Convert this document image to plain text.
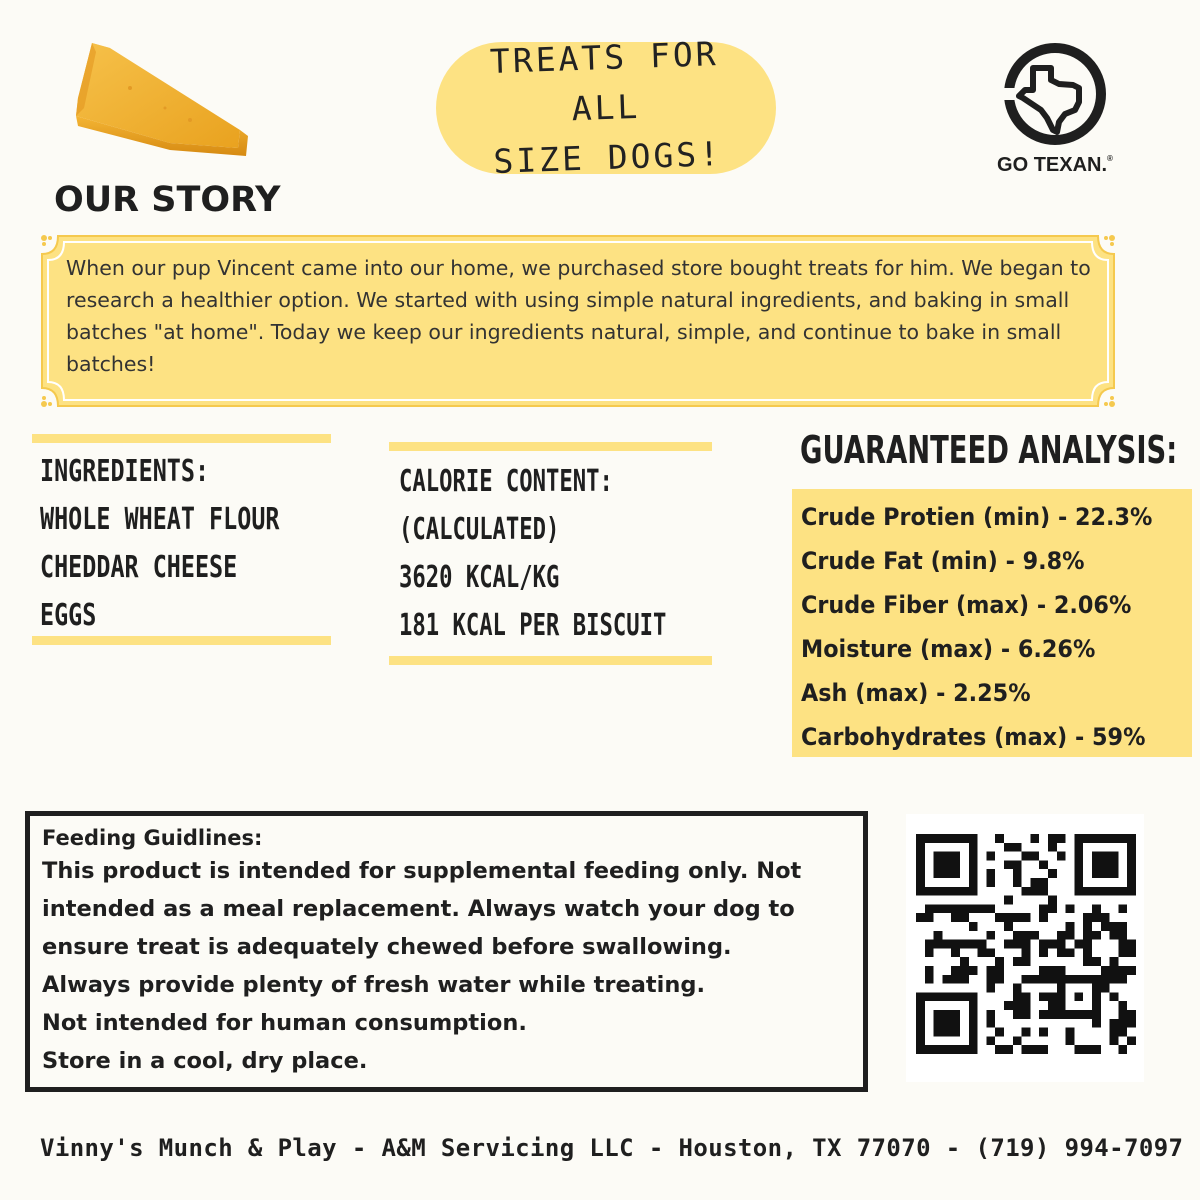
TREATS FOR ALL
SIZE DOGS!	GO TEXAN.®
OUR STORY
When our pup Vincent came into our home, we purchased store bought treats for him. We began to research a healthier option. We started with using simple natural ingredients, and baking in small batches "at home". Today we keep our ingredients natural, simple, and continue to bake in small batches!
INGREDIENTS:
WHOLE WHEAT FLOUR
CHEDDAR CHEESE
EGGS
CALORIE CONTENT:
(CALCULATED)
3620 KCAL/KG
181 KCAL PER BISCUIT
GUARANTEED ANALYSIS:
Crude Protien (min) - 22.3%
Crude Fat (min) - 9.8%
Crude Fiber (max) - 2.06%
Moisture (max) - 6.26%
Ash (max) - 2.25%
Carbohydrates (max) - 59%
Feeding Guidlines:
This product is intended for supplemental feeding only. Not
intended as a meal replacement. Always watch your dog to
ensure treat is adequately chewed before swallowing.
Always provide plenty of fresh water while treating.
Not intended for human consumption.
Store in a cool, dry place.
Vinny's Munch & Play - A&M Servicing LLC - Houston, TX 77070 - (719) 994-7097
